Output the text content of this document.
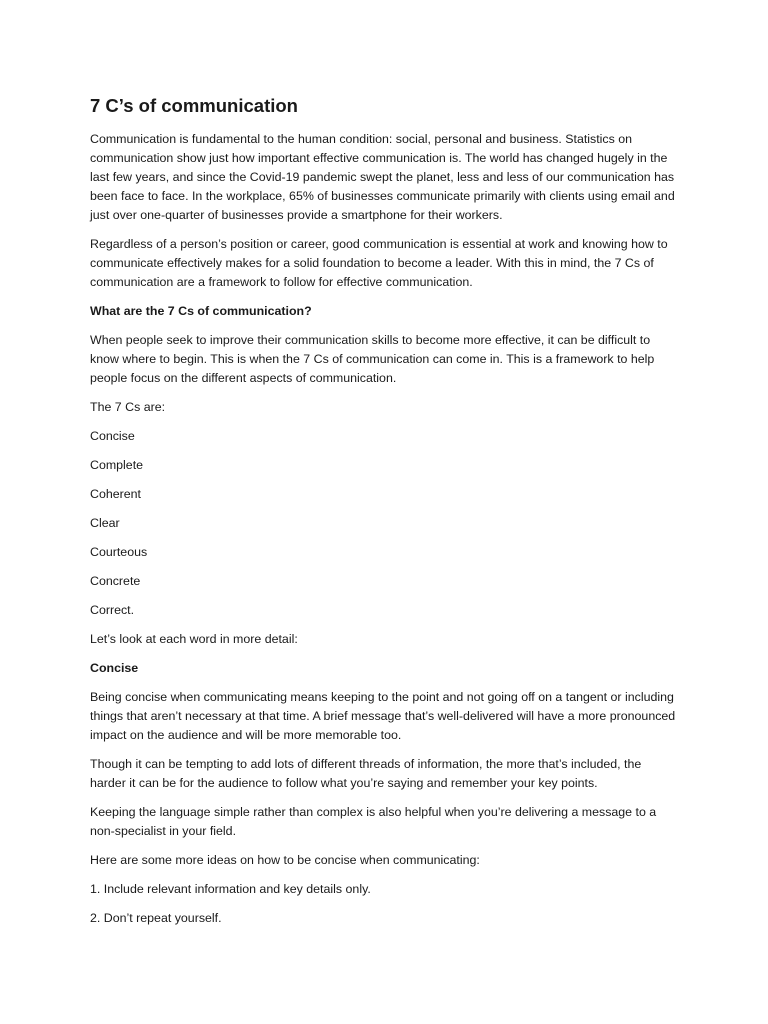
7 C’s of communication

Communication is fundamental to the human condition: social, personal and business. Statistics on communication show just how important effective communication is. The world has changed hugely in the last few years, and since the Covid-19 pandemic swept the planet, less and less of our communication has been face to face. In the workplace, 65% of businesses communicate primarily with clients using email and just over one-quarter of businesses provide a smartphone for their workers.

Regardless of a person’s position or career, good communication is essential at work and knowing how to communicate effectively makes for a solid foundation to become a leader. With this in mind, the 7 Cs of communication are a framework to follow for effective communication.

What are the 7 Cs of communication?

When people seek to improve their communication skills to become more effective, it can be difficult to know where to begin. This is when the 7 Cs of communication can come in. This is a framework to help people focus on the different aspects of communication.

The 7 Cs are:

Concise

Complete

Coherent

Clear

Courteous

Concrete

Correct.

Let’s look at each word in more detail:

Concise

Being concise when communicating means keeping to the point and not going off on a tangent or including things that aren’t necessary at that time. A brief message that’s well-delivered will have a more pronounced impact on the audience and will be more memorable too.

Though it can be tempting to add lots of different threads of information, the more that’s included, the harder it can be for the audience to follow what you’re saying and remember your key points.

Keeping the language simple rather than complex is also helpful when you’re delivering a message to a non-specialist in your field.

Here are some more ideas on how to be concise when communicating:

1. Include relevant information and key details only.

2. Don’t repeat yourself.
